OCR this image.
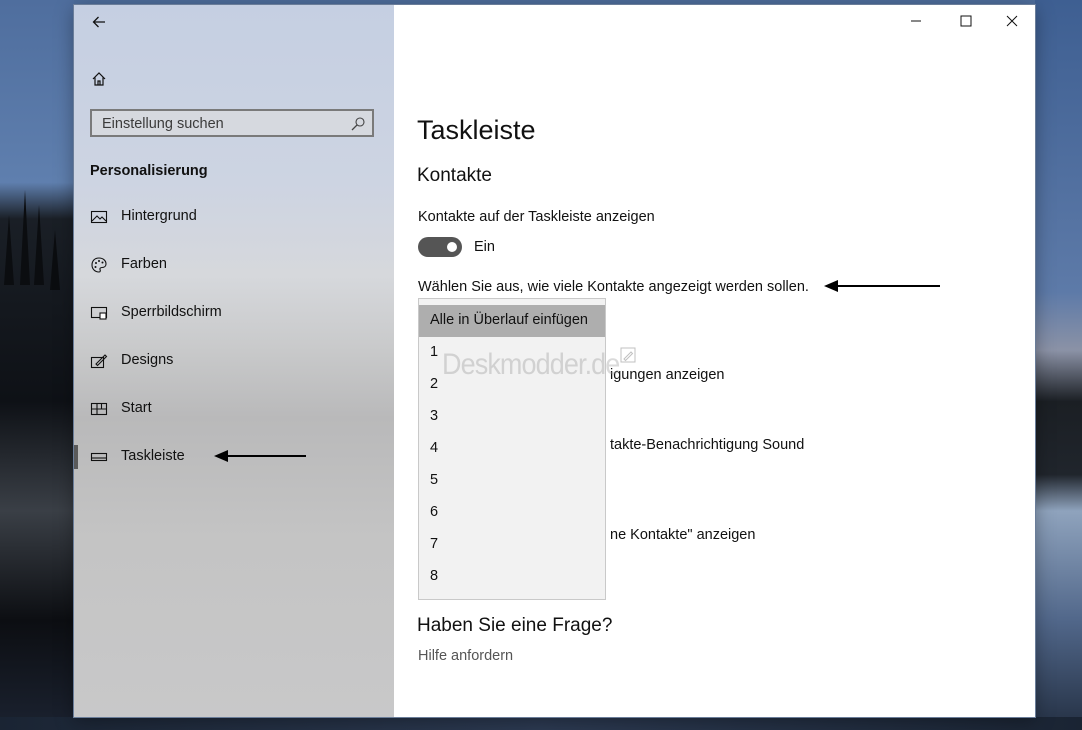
Einstellung suchen
Personalisierung
Hintergrund
Farben
Sperrbildschirm
Designs
Start
Taskleiste
Taskleiste
Kontakte
Kontakte auf der Taskleiste anzeigen
Ein
Wählen Sie aus, wie viele Kontakte angezeigt werden sollen.
igungen anzeigen
takte-Benachrichtigung Sound
ne Kontakte" anzeigen
Alle in Überlauf einfügen
1
2
3
4
5
6
7
8
Deskmodder.de
Haben Sie eine Frage?
Hilfe anfordern
